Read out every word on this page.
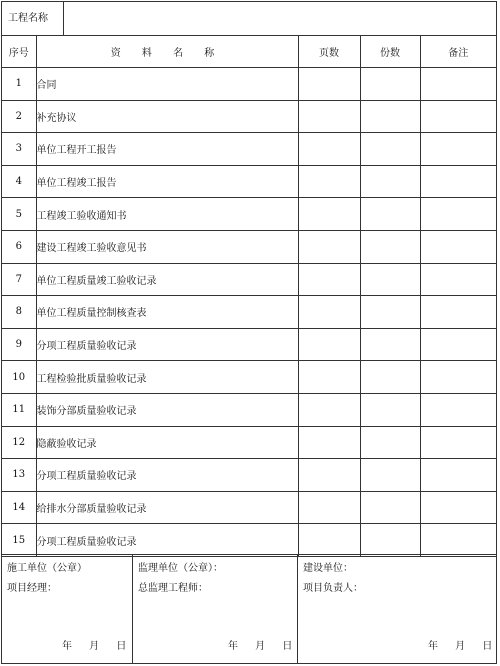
工程名称
序号	资 料 名 称	页数	份数	备注
1	合同			
2	补充协议			
3	单位工程开工报告			
4	单位工程竣工报告			
5	工程竣工验收通知书			
6	建设工程竣工验收意见书			
7	单位工程质量竣工验收记录			
8	单位工程质量控制核查表			
9	分项工程质量验收记录			
10	工程检验批质量验收记录			
11	装饰分部质量验收记录			
12	隐蔽验收记录			
13	分项工程质量验收记录			
14	给排水分部质量验收记录			
15	分项工程质量验收记录			
施工单位（公章）
项目经理：
年 月 日
监理单位（公章）：
总监理工程师：
年 月 日
建设单位：
项目负责人：
年 月 日
